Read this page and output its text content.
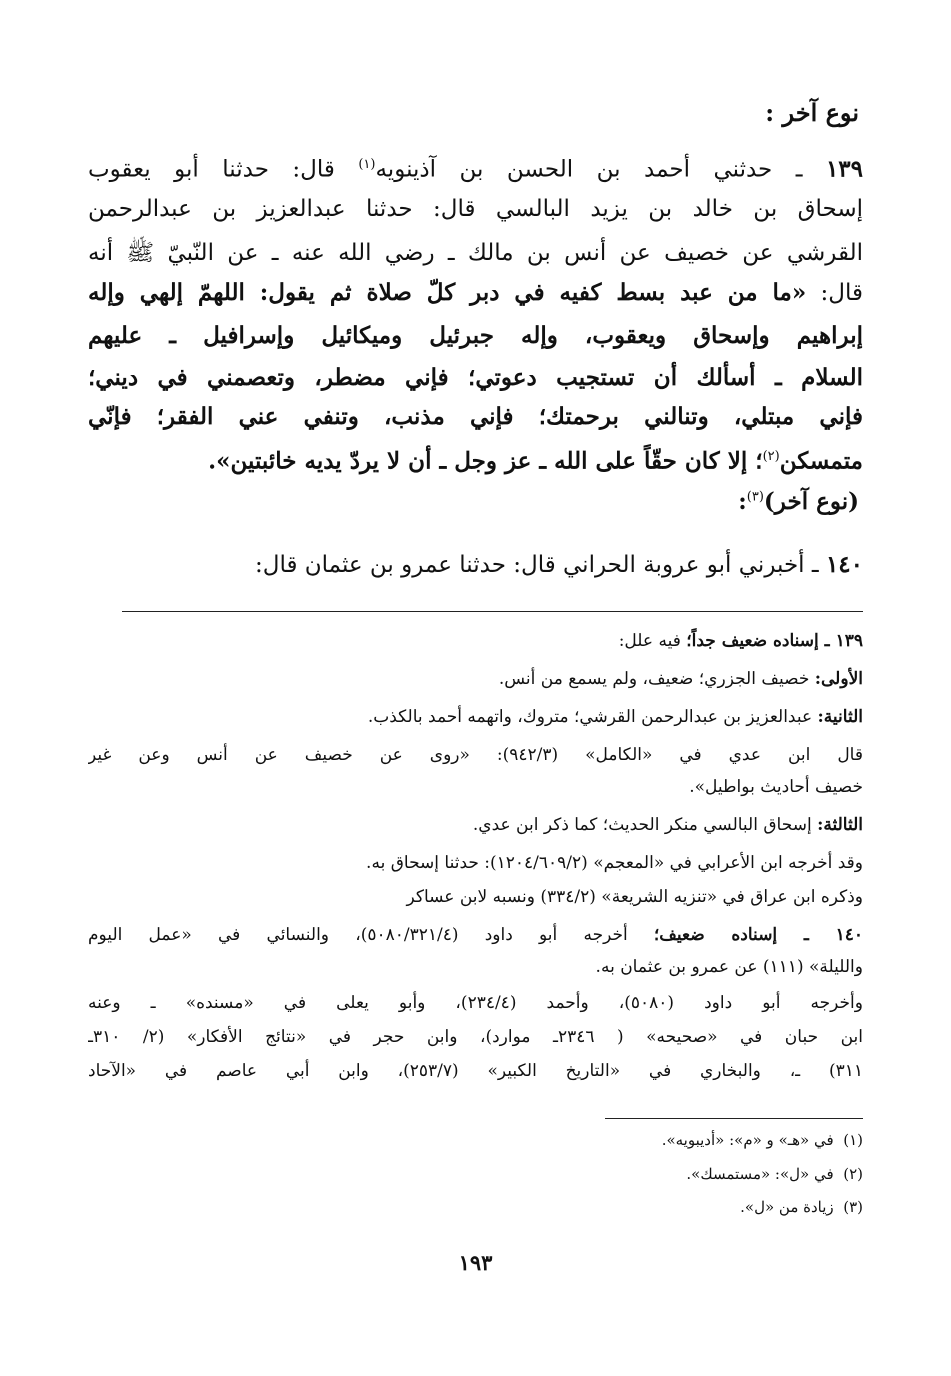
نوع آخر :
١٣٩ ـ حدثني أحمد بن الحسن بن آذينويه$^{(١)}$ قال: حدثنا أبو يعقوب
إسحاق بن خالد بن يزيد البالسي قال: حدثنا عبدالعزيز بن عبدالرحمن
القرشي عن خصيف عن أنس بن مالك ـ رضي الله عنه ـ عن النّبيّ ﷺ أنه
قال: «ما من عبد بسط كفيه في دبر كلّ صلاة ثم يقول: اللهمّ إلهي وإله
إبراهيم وإسحاق ويعقوب، وإله جبرئيل وميكائيل وإسرافيل ـ عليهم
السلام ـ أسألك أن تستجيب دعوتي؛ فإني مضطر، وتعصمني في ديني؛
فإني مبتلي، وتنالني برحمتك؛ فإني مذنب، وتنفي عني الفقر؛ فإنّي
متمسكن$^{(٢)}$؛ إلا كان حقّاً على الله ـ عز وجل ـ أن لا يردّ يديه خائبتين».
(نوع آخر)$^{(٣)}$:
١٤٠ ـ أخبرني أبو عروبة الحراني قال: حدثنا عمرو بن عثمان قال:
١٣٩ ـ إسناده ضعيف جداً؛ فيه علل:
الأولى: خصيف الجزري؛ ضعيف، ولم يسمع من أنس.
الثانية: عبدالعزيز بن عبدالرحمن القرشي؛ متروك، واتهمه أحمد بالكذب.
قال ابن عدي في «الكامل» (٩٤٢/٣): «روى عن خصيف عن أنس وعن غير
خصيف أحاديث بواطيل».
الثالثة: إسحاق البالسي منكر الحديث؛ كما ذكر ابن عدي.
وقد أخرجه ابن الأعرابي في «المعجم» (١٢٠٤/٦٠٩/٢): حدثنا إسحاق به.
وذكره ابن عراق في «تنزيه الشريعة» (٣٣٤/٢) ونسبه لابن عساكر
١٤٠ ـ إسناده ضعيف؛ أخرجه أبو داود (٥٠٨٠/٣٢١/٤)، والنسائي في «عمل اليوم
والليلة» (١١١) عن عمرو بن عثمان به.
وأخرجه أبو داود (٥٠٨٠)، وأحمد (٢٣٤/٤)، وأبو يعلى في «مسنده» ـ وعنه
ابن حبان في «صحيحه» ( ٢٣٤٦ـ موارد)، وابن حجر في «نتائج الأفكار» (٢/ ٣١٠ـ
٣١١) ـ، والبخاري في «التاريخ الكبير» (٢٥٣/٧)، وابن أبي عاصم في «الآحاد
(١)  في «هـ» و «م»: «أديبويه».
(٢)  في «ل»: «مستمسك».
(٣)  زيادة من «ل».
١٩٣
